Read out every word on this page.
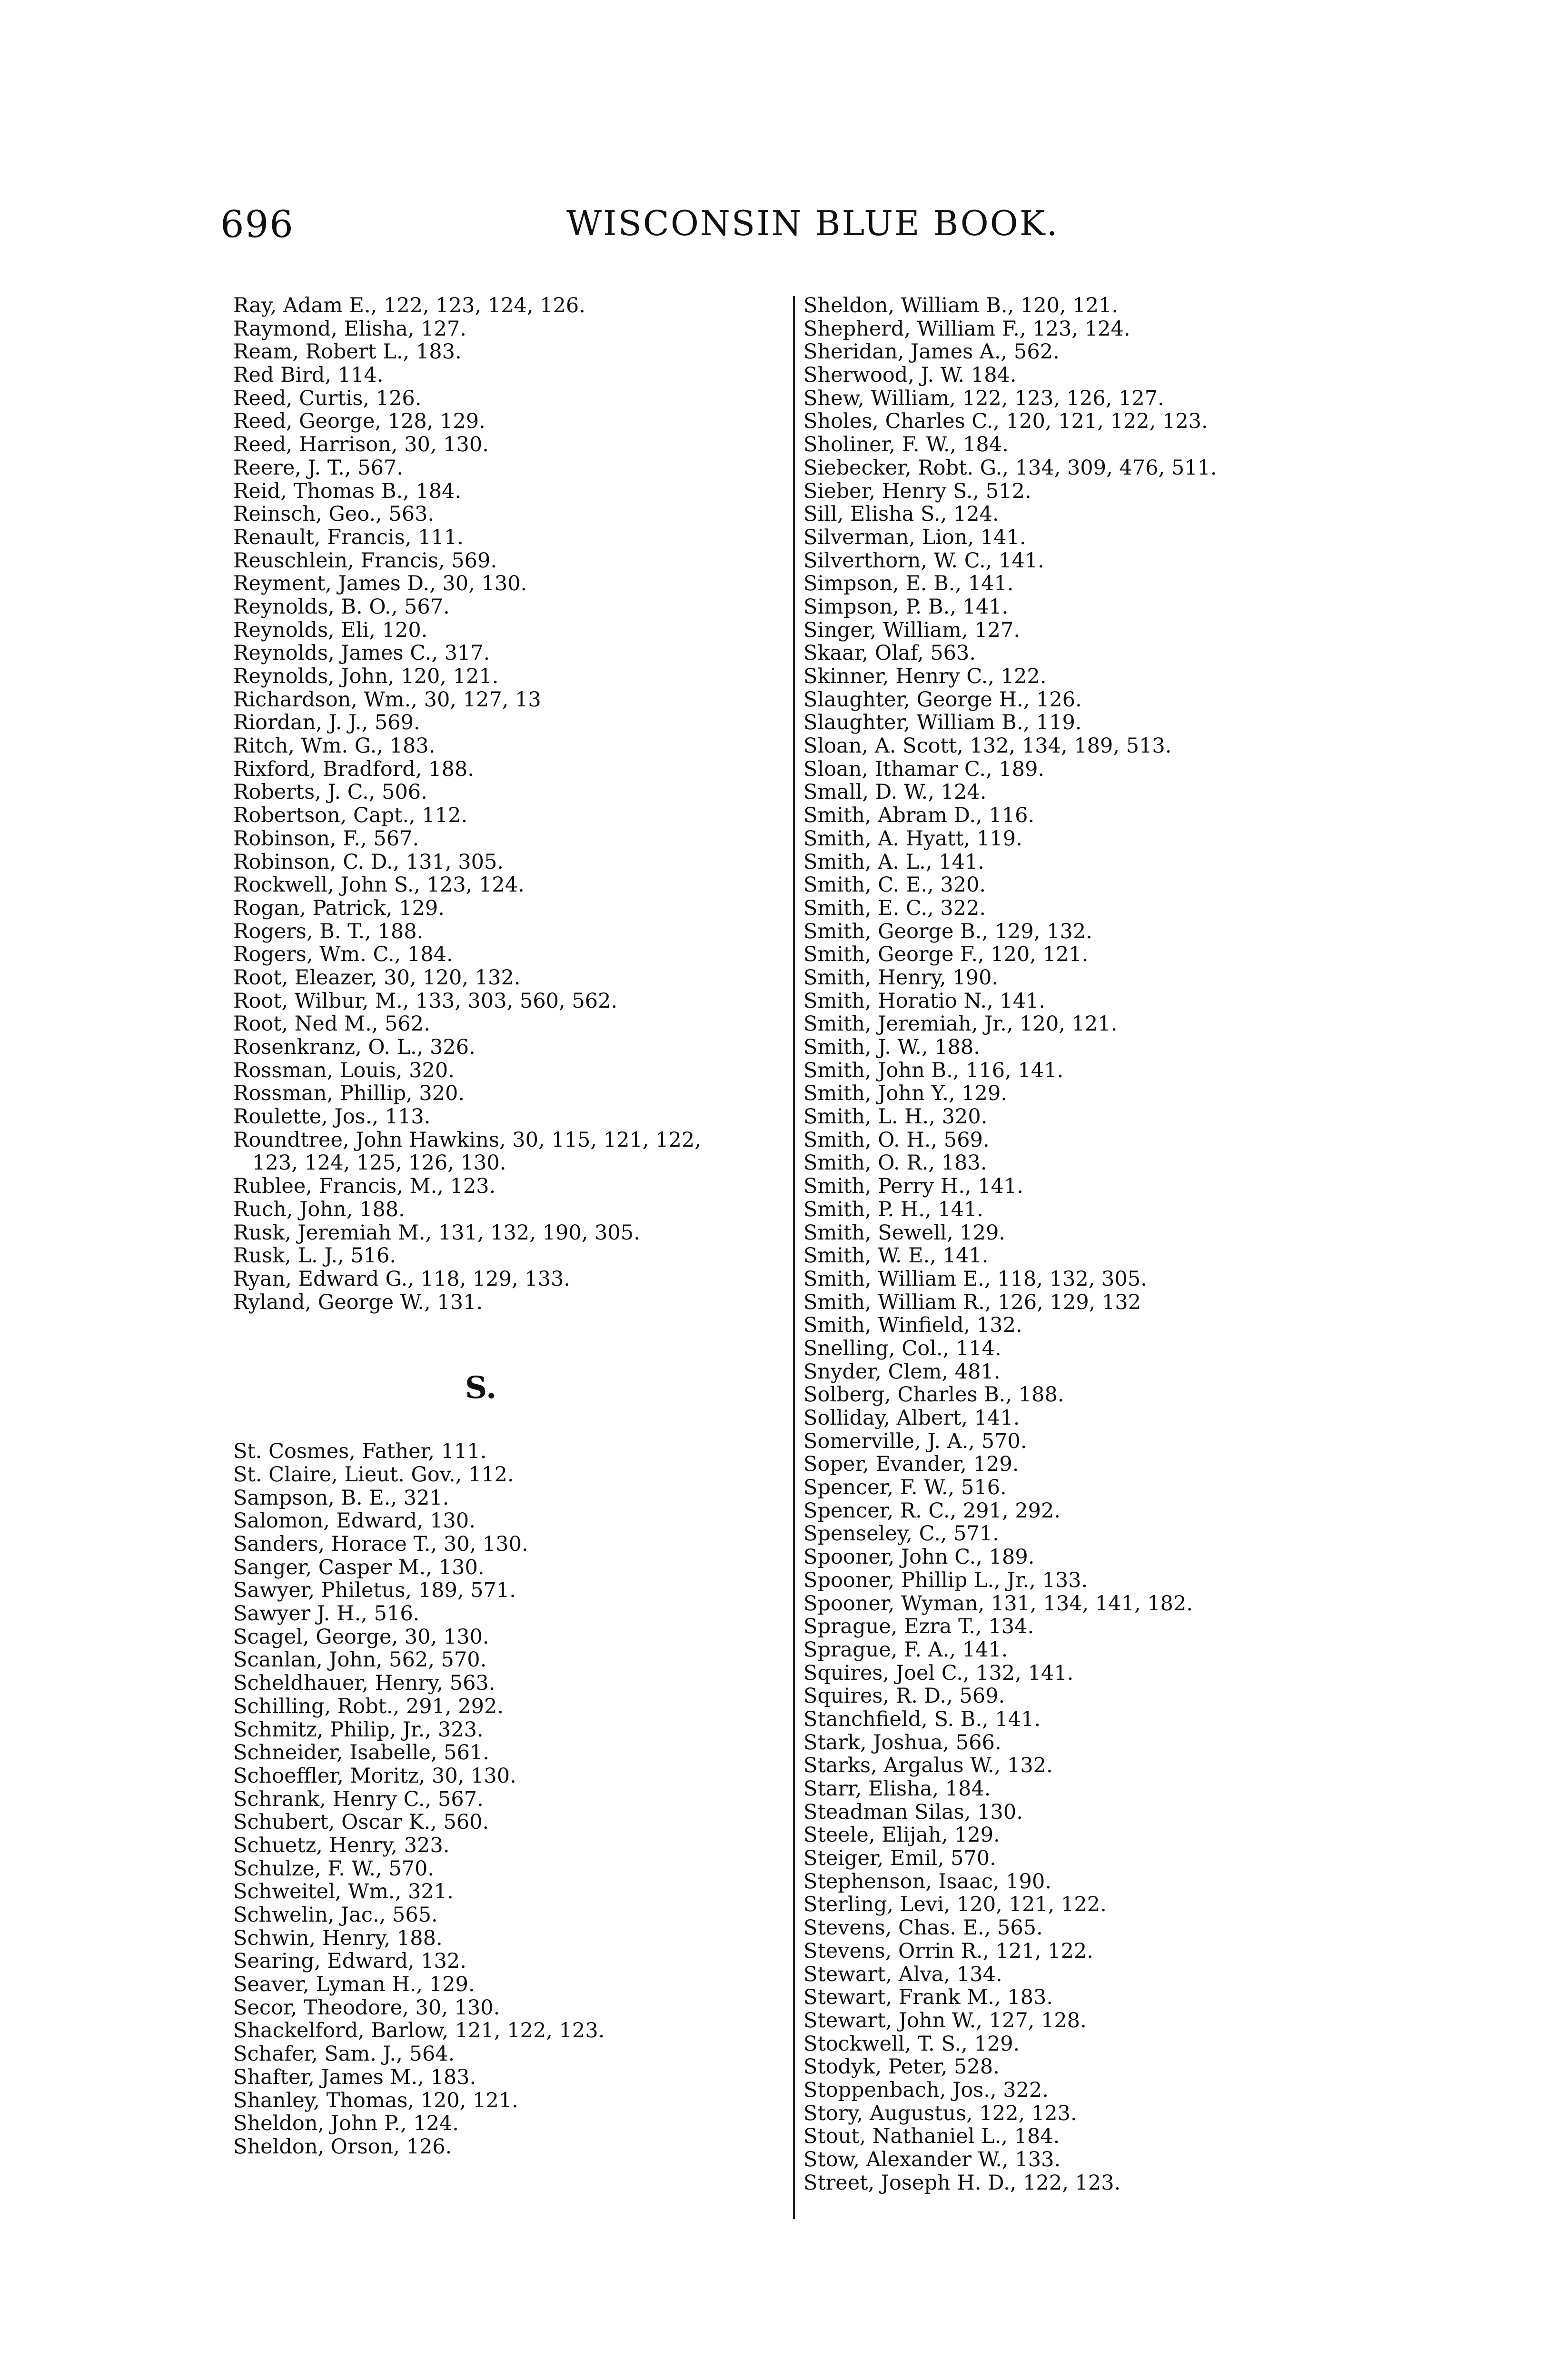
696	WISCONSIN BLUE BOOK.
Ray, Adam E., 122, 123, 124, 126.
Raymond, Elisha, 127.
Ream, Robert L., 183.
Red Bird, 114.
Reed, Curtis, 126.
Reed, George, 128, 129.
Reed, Harrison, 30, 130.
Reere, J. T., 567.
Reid, Thomas B., 184.
Reinsch, Geo., 563.
Renault, Francis, 111.
Reuschlein, Francis, 569.
Reyment, James D., 30, 130.
Reynolds, B. O., 567.
Reynolds, Eli, 120.
Reynolds, James C., 317.
Reynolds, John, 120, 121.
Richardson, Wm., 30, 127, 13
Riordan, J. J., 569.
Ritch, Wm. G., 183.
Rixford, Bradford, 188.
Roberts, J. C., 506.
Robertson, Capt., 112.
Robinson, F., 567.
Robinson, C. D., 131, 305.
Rockwell, John S., 123, 124.
Rogan, Patrick, 129.
Rogers, B. T., 188.
Rogers, Wm. C., 184.
Root, Eleazer, 30, 120, 132.
Root, Wilbur, M., 133, 303, 560, 562.
Root, Ned M., 562.
Rosenkranz, O. L., 326.
Rossman, Louis, 320.
Rossman, Phillip, 320.
Roulette, Jos., 113.
Roundtree, John Hawkins, 30, 115, 121, 122,
123, 124, 125, 126, 130.
Rublee, Francis, M., 123.
Ruch, John, 188.
Rusk, Jeremiah M., 131, 132, 190, 305.
Rusk, L. J., 516.
Ryan, Edward G., 118, 129, 133.
Ryland, George W., 131.
S.
St. Cosmes, Father, 111.
St. Claire, Lieut. Gov., 112.
Sampson, B. E., 321.
Salomon, Edward, 130.
Sanders, Horace T., 30, 130.
Sanger, Casper M., 130.
Sawyer, Philetus, 189, 571.
Sawyer J. H., 516.
Scagel, George, 30, 130.
Scanlan, John, 562, 570.
Scheldhauer, Henry, 563.
Schilling, Robt., 291, 292.
Schmitz, Philip, Jr., 323.
Schneider, Isabelle, 561.
Schoeffler, Moritz, 30, 130.
Schrank, Henry C., 567.
Schubert, Oscar K., 560.
Schuetz, Henry, 323.
Schulze, F. W., 570.
Schweitel, Wm., 321.
Schwelin, Jac., 565.
Schwin, Henry, 188.
Searing, Edward, 132.
Seaver, Lyman H., 129.
Secor, Theodore, 30, 130.
Shackelford, Barlow, 121, 122, 123.
Schafer, Sam. J., 564.
Shafter, James M., 183.
Shanley, Thomas, 120, 121.
Sheldon, John P., 124.
Sheldon, Orson, 126.
Sheldon, William B., 120, 121.
Shepherd, William F., 123, 124.
Sheridan, James A., 562.
Sherwood, J. W. 184.
Shew, William, 122, 123, 126, 127.
Sholes, Charles C., 120, 121, 122, 123.
Sholiner, F. W., 184.
Siebecker, Robt. G., 134, 309, 476, 511.
Sieber, Henry S., 512.
Sill, Elisha S., 124.
Silverman, Lion, 141.
Silverthorn, W. C., 141.
Simpson, E. B., 141.
Simpson, P. B., 141.
Singer, William, 127.
Skaar, Olaf, 563.
Skinner, Henry C., 122.
Slaughter, George H., 126.
Slaughter, William B., 119.
Sloan, A. Scott, 132, 134, 189, 513.
Sloan, Ithamar C., 189.
Small, D. W., 124.
Smith, Abram D., 116.
Smith, A. Hyatt, 119.
Smith, A. L., 141.
Smith, C. E., 320.
Smith, E. C., 322.
Smith, George B., 129, 132.
Smith, George F., 120, 121.
Smith, Henry, 190.
Smith, Horatio N., 141.
Smith, Jeremiah, Jr., 120, 121.
Smith, J. W., 188.
Smith, John B., 116, 141.
Smith, John Y., 129.
Smith, L. H., 320.
Smith, O. H., 569.
Smith, O. R., 183.
Smith, Perry H., 141.
Smith, P. H., 141.
Smith, Sewell, 129.
Smith, W. E., 141.
Smith, William E., 118, 132, 305.
Smith, William R., 126, 129, 132
Smith, Winfield, 132.
Snelling, Col., 114.
Snyder, Clem, 481.
Solberg, Charles B., 188.
Solliday, Albert, 141.
Somerville, J. A., 570.
Soper, Evander, 129.
Spencer, F. W., 516.
Spencer, R. C., 291, 292.
Spenseley, C., 571.
Spooner, John C., 189.
Spooner, Phillip L., Jr., 133.
Spooner, Wyman, 131, 134, 141, 182.
Sprague, Ezra T., 134.
Sprague, F. A., 141.
Squires, Joel C., 132, 141.
Squires, R. D., 569.
Stanchfield, S. B., 141.
Stark, Joshua, 566.
Starks, Argalus W., 132.
Starr, Elisha, 184.
Steadman Silas, 130.
Steele, Elijah, 129.
Steiger, Emil, 570.
Stephenson, Isaac, 190.
Sterling, Levi, 120, 121, 122.
Stevens, Chas. E., 565.
Stevens, Orrin R., 121, 122.
Stewart, Alva, 134.
Stewart, Frank M., 183.
Stewart, John W., 127, 128.
Stockwell, T. S., 129.
Stodyk, Peter, 528.
Stoppenbach, Jos., 322.
Story, Augustus, 122, 123.
Stout, Nathaniel L., 184.
Stow, Alexander W., 133.
Street, Joseph H. D., 122, 123.
